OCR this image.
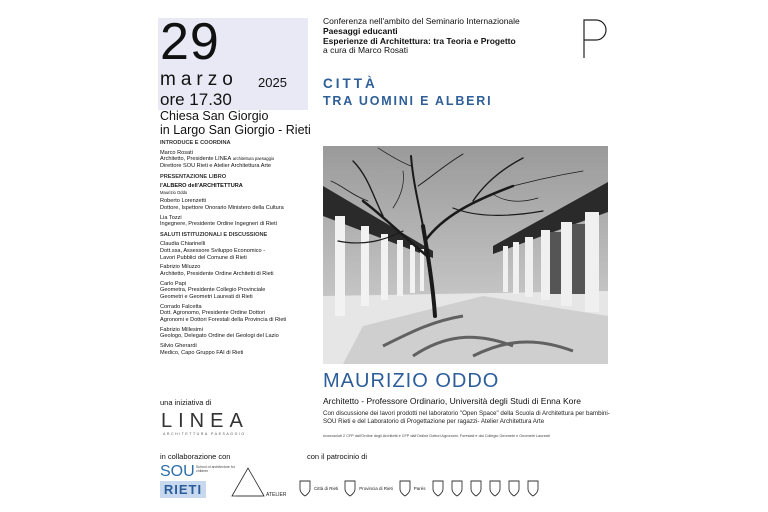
29
marzo 2025
ore 17.30
Chiesa San Giorgio
in Largo San Giorgio - Rieti
INTRODUCE E COORDINA
Marco Rosati
Architetto, Presidente LINEA architettura paesaggio
Direttore SOU Rieti e Atelier Architettura Arte
PRESENTAZIONE LIBRO
l'ALBERO dell'ARCHITETTURA
Maurizio Oddo
Roberto Lorenzetti
Dottore, Ispettore Onorario Ministero della Cultura
Lia Tozzi
Ingegnere, Presidente Ordine Ingegneri di Rieti
SALUTI ISTITUZIONALI E DISCUSSIONE
Claudia Chiarinelli
Dott.ssa, Assessore Sviluppo Economico -
Lavori Pubblici del Comune di Rieti
Fabrizio Miluzzo
Architetto, Presidente Ordine Architetti di Rieti
Carlo Papi
Geometra, Presidente Collegio Provinciale
Geometri e Geometri Laureati di Rieti
Corrado Falcetta
Dott. Agronomo, Presidente Ordine Dottori
Agronomi e Dottori Forestali della Provincia di Rieti
Fabrizio Millesimi
Geologo, Delegato Ordine dei Geologi del Lazio
Silvio Gherardi
Medico, Capo Gruppo FAI di Rieti
una iniziativa di
LINEA
ARCHITETTURA PAESAGGIO
in collaborazione con
SOU School of architecture for children
RIETI	ATELIER
Conferenza nell'ambito del Seminario Internazionale
Paesaggi educanti
Esperienze di Architettura: tra Teoria e Progetto
a cura di Marco Rosati
CITTÀ
TRA UOMINI E ALBERI
MAURIZIO ODDO
Architetto - Professore Ordinario, Università degli Studi di Enna Kore
Con discussione dei lavori prodotti nel laboratorio "Open Space" della Scuola di Architettura per bambini- SOU Rieti e del Laboratorio di Progettazione per ragazzi- Atelier Architettura Arte
riconosciuti 2 CFP dall'Ordine degli Architetti e CFP dall'Ordine Dottori Agronomi, Forestali e dal Collegio Geometri e Geometri Laureati
con il patrocinio di
Città di Rieti	Provincia di Rieti	Parés
